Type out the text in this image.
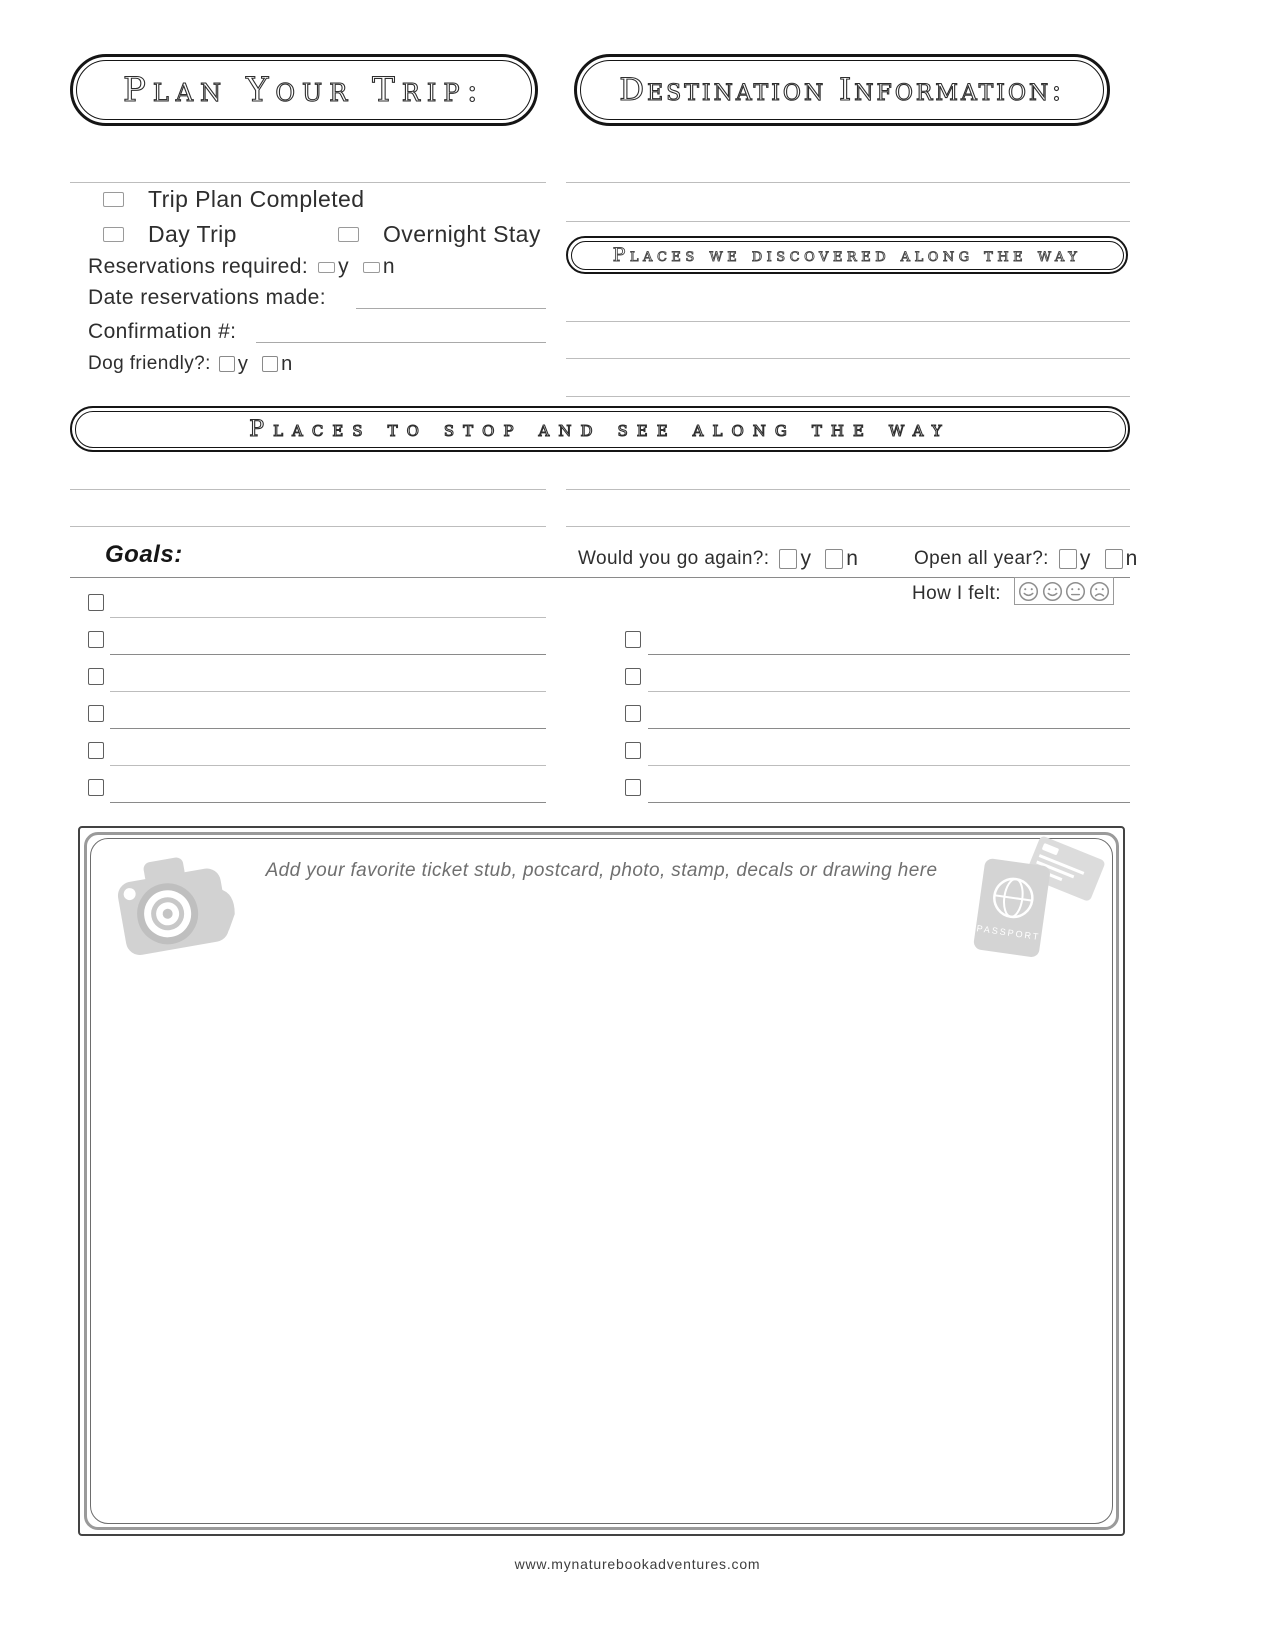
Plan Your Trip:	Destination Information:
Trip Plan Completed
Day Trip	Overnight Stay
Reservations required: y n
Date reservations made:
Confirmation #:
Dog friendly?: y n
Places we discovered along the way
Places to stop and see along the way
Goals:	Would you go again?: y n	Open all year?: y n
How I felt:
Add your favorite ticket stub, postcard, photo, stamp, decals or drawing here
PASSPORT
www.mynaturebookadventures.com
